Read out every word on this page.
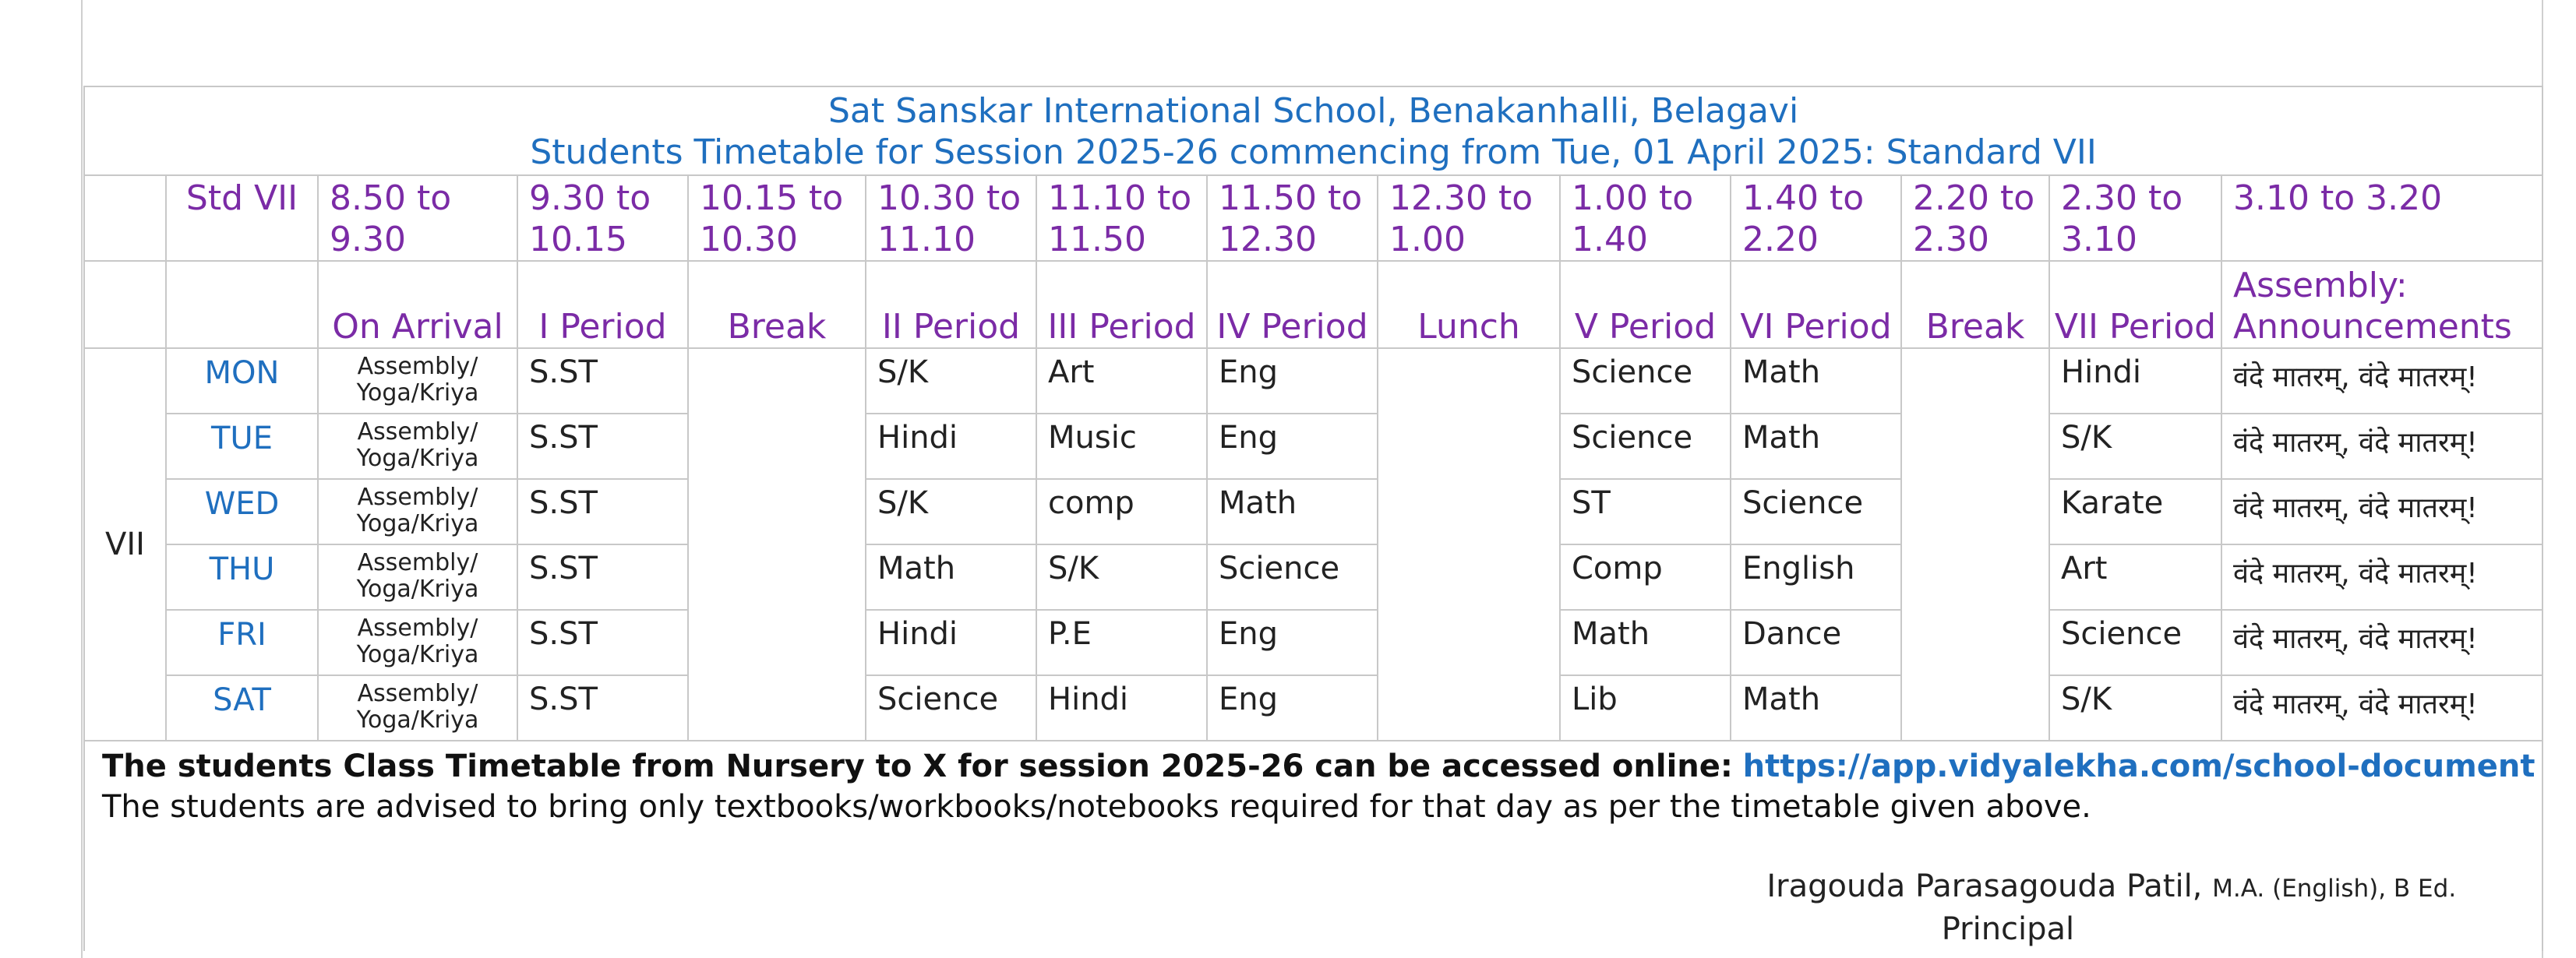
Sat Sanskar International School, Benakanhalli, Belagavi
Students Timetable for Session 2025-26 commencing from Tue, 01 April 2025: Standard VII													

	Std VII	8.50 to 9.30	9.30 to 10.15	10.15 to 10.30	10.30 to 11.10	11.10 to 11.50	11.50 to 12.30	12.30 to 1.00	1.00 to 1.40	1.40 to 2.20	2.20 to 2.30	2.30 to 3.10	3.10 to 3.20
		On Arrival	I Period	Break	II Period	III Period	IV Period	Lunch	V Period	VI Period	Break	VII Period	Assembly: Announcements
VII	MON	Assembly/ Yoga/Kriya	S.ST		S/K	Art	Eng		Science	Math		Hindi	वंदे मातरम्, वंदे मातरम्!
	TUE	Assembly/ Yoga/Kriya	S.ST		Hindi	Music	Eng		Science	Math		S/K	वंदे मातरम्, वंदे मातरम्!
	WED	Assembly/ Yoga/Kriya	S.ST		S/K	comp	Math		ST	Science		Karate	वंदे मातरम्, वंदे मातरम्!
	THU	Assembly/ Yoga/Kriya	S.ST		Math	S/K	Science		Comp	English		Art	वंदे मातरम्, वंदे मातरम्!
	FRI	Assembly/ Yoga/Kriya	S.ST		Hindi	P.E	Eng		Math	Dance		Science	वंदे मातरम्, वंदे मातरम्!
	SAT	Assembly/ Yoga/Kriya	S.ST		Science	Hindi	Eng		Lib	Math		S/K	वंदे मातरम्, वंदे मातरम्!

The students Class Timetable from Nursery to X for session 2025-26 can be accessed online: https://app.vidyalekha.com/school-document
The students are advised to bring only textbooks/workbooks/notebooks required for that day as per the timetable given above.
Iragouda Parasagouda Patil, M.A. (English), B Ed.
Principal													
